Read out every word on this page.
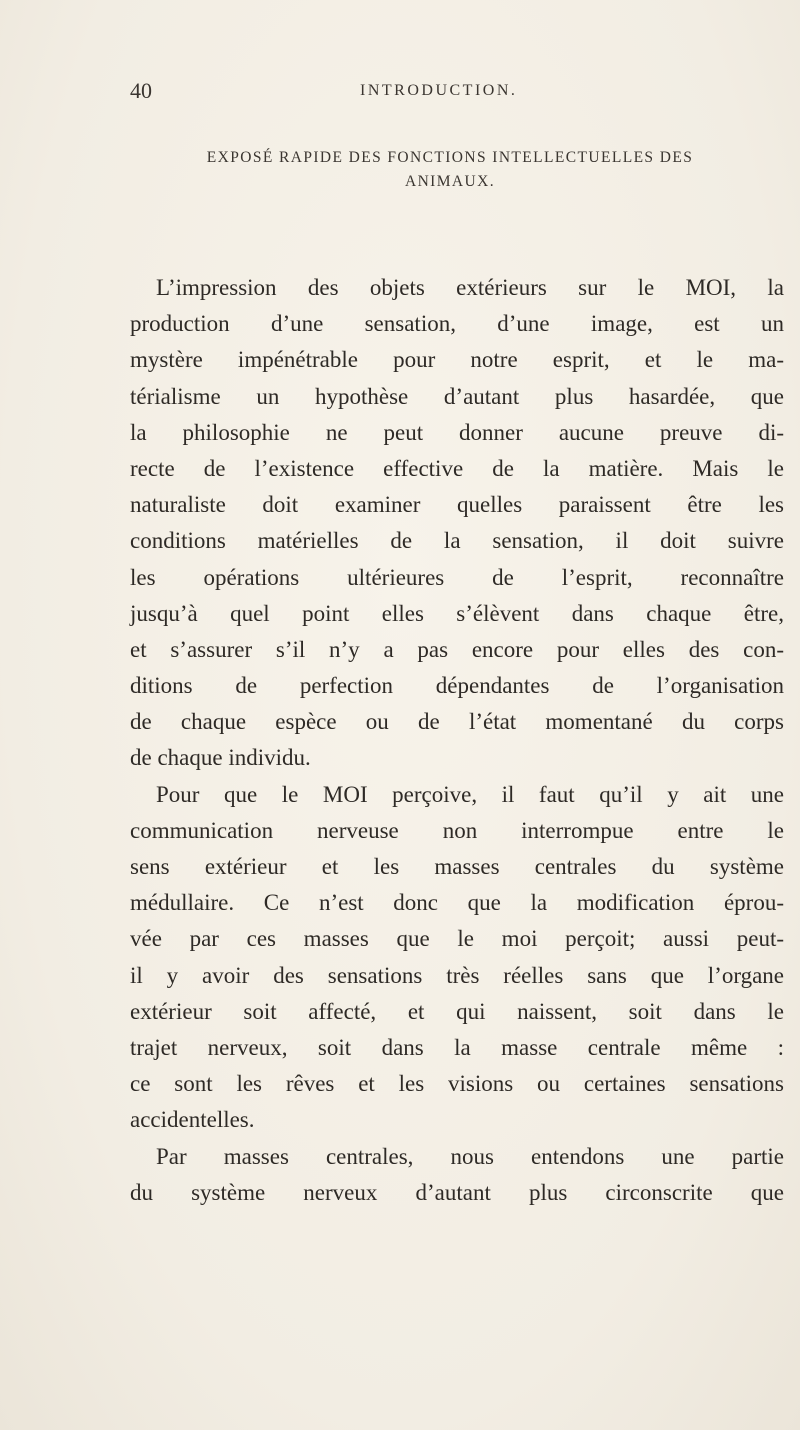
40	INTRODUCTION.
EXPOSÉ RAPIDE DES FONCTIONS INTELLECTUELLES DES
ANIMAUX.
L’impression des objets extérieurs sur le MOI, la
production d’une sensation, d’une image, est un
mystère impénétrable pour notre esprit, et le ma-
térialisme un hypothèse d’autant plus hasardée, que
la philosophie ne peut donner aucune preuve di-
recte de l’existence effective de la matière. Mais le
naturaliste doit examiner quelles paraissent être les
conditions matérielles de la sensation, il doit suivre
les opérations ultérieures de l’esprit, reconnaître
jusqu’à quel point elles s’élèvent dans chaque être,
et s’assurer s’il n’y a pas encore pour elles des con-
ditions de perfection dépendantes de l’organisation
de chaque espèce ou de l’état momentané du corps
de chaque individu.
Pour que le MOI perçoive, il faut qu’il y ait une
communication nerveuse non interrompue entre le
sens extérieur et les masses centrales du système
médullaire. Ce n’est donc que la modification éprou-
vée par ces masses que le moi perçoit; aussi peut-
il y avoir des sensations très réelles sans que l’organe
extérieur soit affecté, et qui naissent, soit dans le
trajet nerveux, soit dans la masse centrale même :
ce sont les rêves et les visions ou certaines sensations
accidentelles.
Par masses centrales, nous entendons une partie
du système nerveux d’autant plus circonscrite que
